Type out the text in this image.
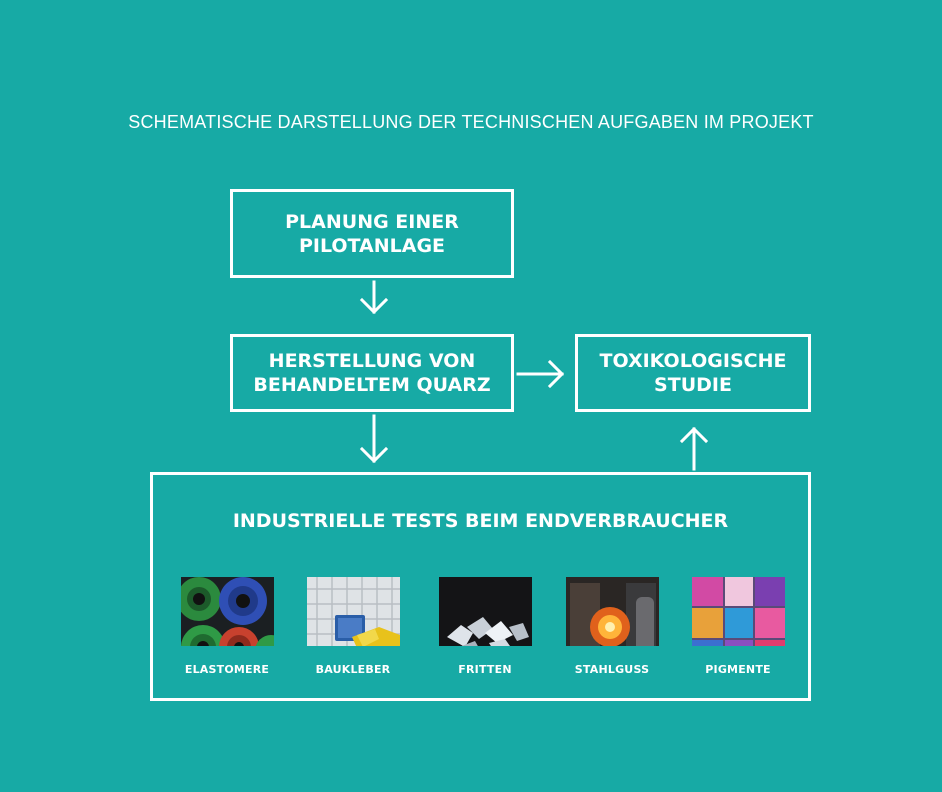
SCHEMATISCHE DARSTELLUNG DER TECHNISCHEN AUFGABEN IM PROJEKT
PLANUNG EINER
PILOTANLAGE
HERSTELLUNG VON
BEHANDELTEM QUARZ
TOXIKOLOGISCHE
STUDIE

INDUSTRIELLE TESTS BEIM ENDVERBRAUCHER

ELASTOMERE	BAUKLEBER	FRITTEN	STAHLGUSS	PIGMENTE
